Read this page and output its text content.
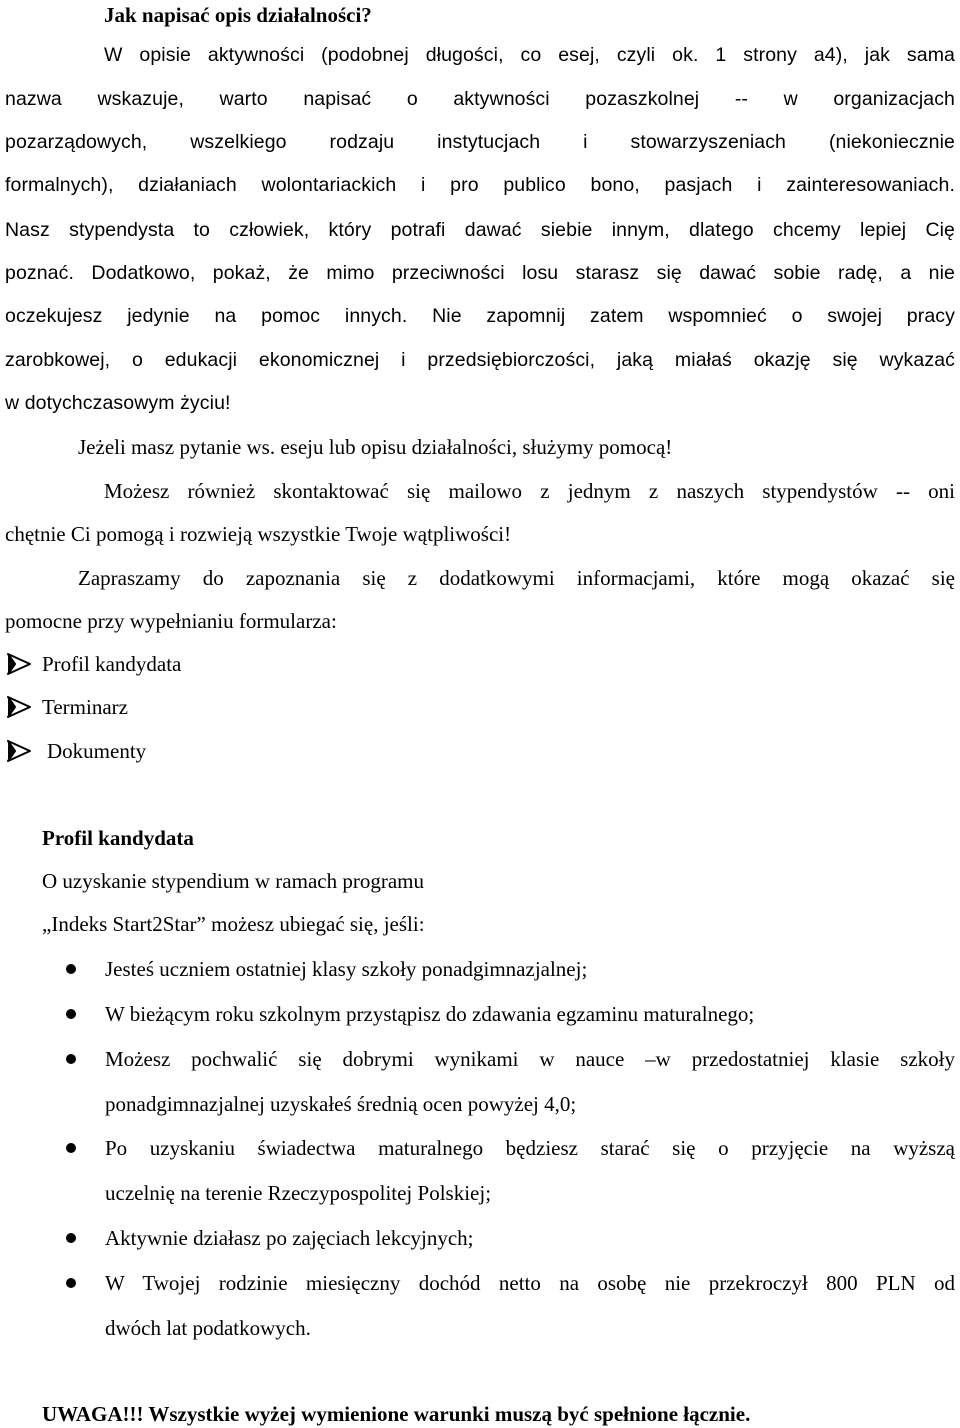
Jak napisać opis działalności?
W opisie aktywności (podobnej długości, co esej, czyli ok. 1 strony a4), jak sama
nazwa wskazuje, warto napisać o aktywności pozaszkolnej -- w organizacjach
pozarządowych, wszelkiego rodzaju instytucjach i stowarzyszeniach (niekoniecznie
formalnych), działaniach wolontariackich i pro publico bono, pasjach i zainteresowaniach.
Nasz stypendysta to człowiek, który potrafi dawać siebie innym, dlatego chcemy lepiej Cię
poznać. Dodatkowo, pokaż, że mimo przeciwności losu starasz się dawać sobie radę, a nie
oczekujesz jedynie na pomoc innych. Nie zapomnij zatem wspomnieć o swojej pracy
zarobkowej, o edukacji ekonomicznej i przedsiębiorczości, jaką miałaś okazję się wykazać
w dotychczasowym życiu!
Jeżeli masz pytanie ws. eseju lub opisu działalności, służymy pomocą!
Możesz również skontaktować się mailowo z jednym z naszych stypendystów -- oni
chętnie Ci pomogą i rozwieją wszystkie Twoje wątpliwości!
Zapraszamy do zapoznania się z dodatkowymi informacjami, które mogą okazać się
pomocne przy wypełnianiu formularza:
Profil kandydata
Terminarz
Dokumenty
Profil kandydata
O uzyskanie stypendium w ramach programu
„Indeks Start2Star” możesz ubiegać się, jeśli:
Jesteś uczniem ostatniej klasy szkoły ponadgimnazjalnej;
W bieżącym roku szkolnym przystąpisz do zdawania egzaminu maturalnego;
Możesz pochwalić się dobrymi wynikami w nauce –w przedostatniej klasie szkoły
ponadgimnazjalnej uzyskałeś średnią ocen powyżej 4,0;
Po uzyskaniu świadectwa maturalnego będziesz starać się o przyjęcie na wyższą
uczelnię na terenie Rzeczypospolitej Polskiej;
Aktywnie działasz po zajęciach lekcyjnych;
W Twojej rodzinie miesięczny dochód netto na osobę nie przekroczył 800 PLN od
dwóch lat podatkowych.
UWAGA!!! Wszystkie wyżej wymienione warunki muszą być spełnione łącznie.
